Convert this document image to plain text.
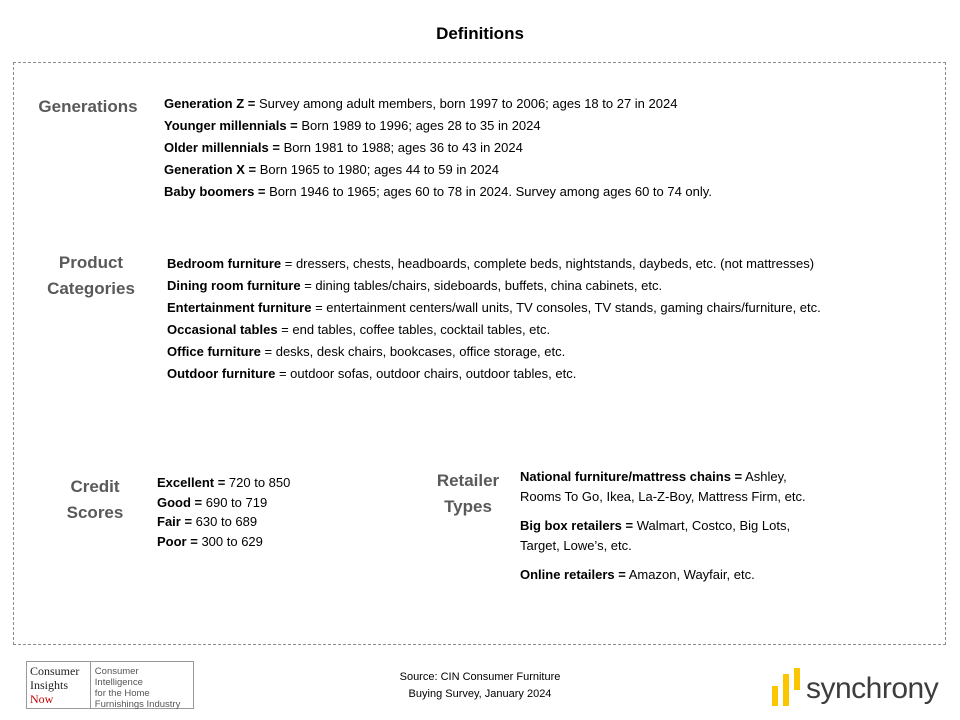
Definitions
Generations	Generation Z = Survey among adult members, born 1997 to 2006; ages 18 to 27 in 2024
Younger millennials = Born 1989 to 1996; ages 28 to 35 in 2024
Older millennials = Born 1981 to 1988; ages 36 to 43 in 2024
Generation X = Born 1965 to 1980; ages 44 to 59 in 2024
Baby boomers = Born 1946 to 1965; ages 60 to 78 in 2024. Survey among ages 60 to 74 only.
Product
Categories
Bedroom furniture = dressers, chests, headboards, complete beds, nightstands, daybeds, etc. (not mattresses)
Dining room furniture = dining tables/chairs, sideboards, buffets, china cabinets, etc.
Entertainment furniture = entertainment centers/wall units, TV consoles, TV stands, gaming chairs/furniture, etc.
Occasional tables = end tables, coffee tables, cocktail tables, etc.
Office furniture = desks, desk chairs, bookcases, office storage, etc.
Outdoor furniture = outdoor sofas, outdoor chairs, outdoor tables, etc.
Credit
Scores
Excellent = 720 to 850
Good = 690 to 719
Fair = 630 to 689
Poor = 300 to 629
Retailer
Types
National furniture/mattress chains = Ashley,
Rooms To Go, Ikea, La-Z-Boy, Mattress Firm, etc.
Big box retailers = Walmart, Costco, Big Lots,
Target, Lowe’s, etc.
Online retailers = Amazon, Wayfair, etc.
Consumer
Insights
Now
Consumer Intelligence
for the Home
Furnishings Industry
Source: CIN Consumer Furniture
Buying Survey, January 2024	synchrony
